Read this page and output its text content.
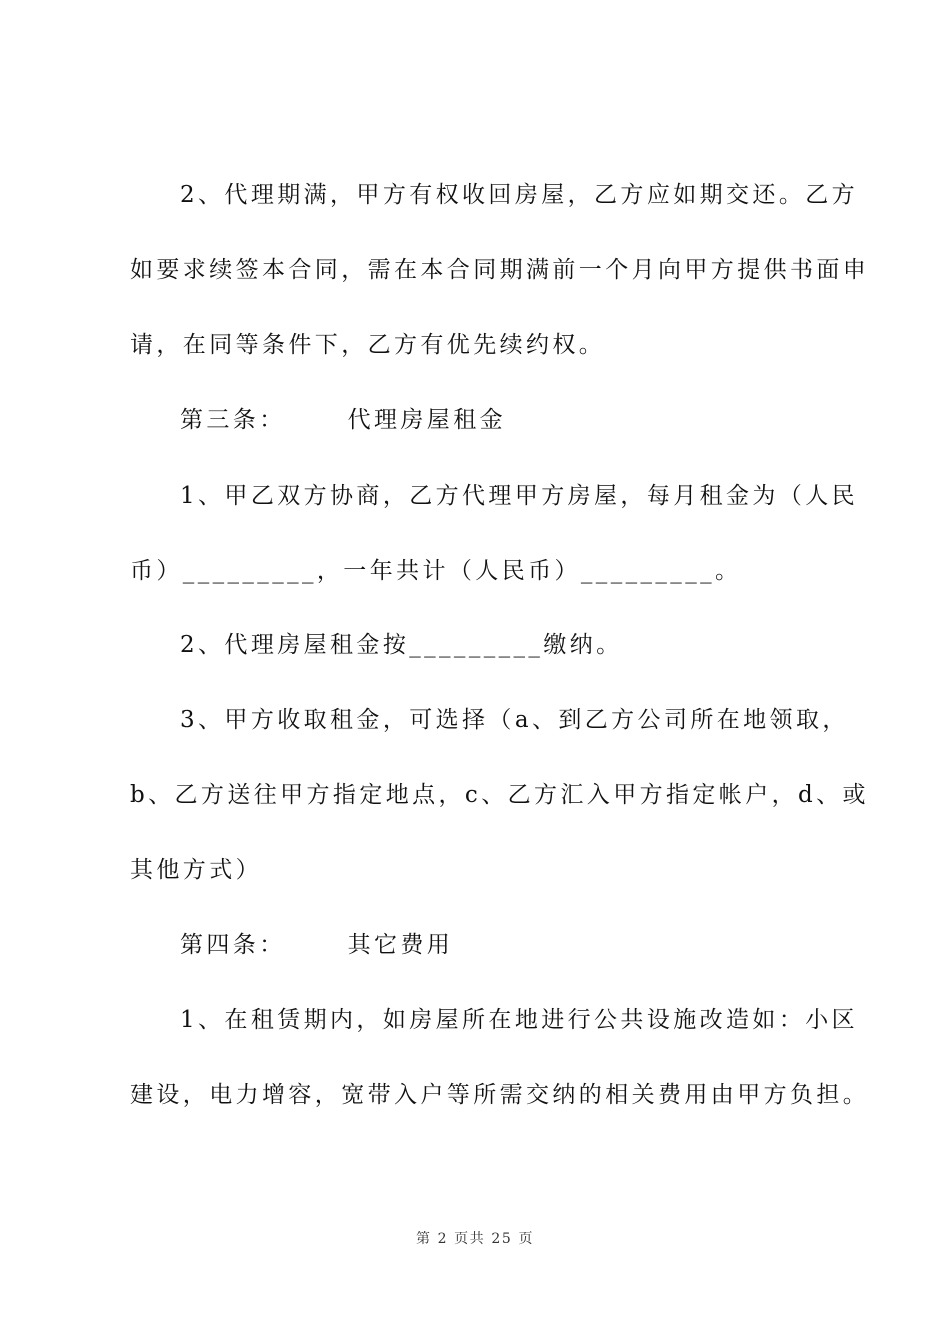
2、代理期满，甲方有权收回房屋，乙方应如期交还。乙方
如要求续签本合同，需在本合同期满前一个月向甲方提供书面申
请，在同等条件下，乙方有优先续约权。
第三条：	代理房屋租金
1、甲乙双方协商，乙方代理甲方房屋，每月租金为（人民
币）_________，一年共计（人民币）_________。
2、代理房屋租金按_________缴纳。
3、甲方收取租金，可选择（a、到乙方公司所在地领取，
b、乙方送往甲方指定地点，c、乙方汇入甲方指定帐户，d、或
其他方式）
第四条：	其它费用
1、在租赁期内，如房屋所在地进行公共设施改造如：小区
建设，电力增容，宽带入户等所需交纳的相关费用由甲方负担。
第 2 页共 25 页
